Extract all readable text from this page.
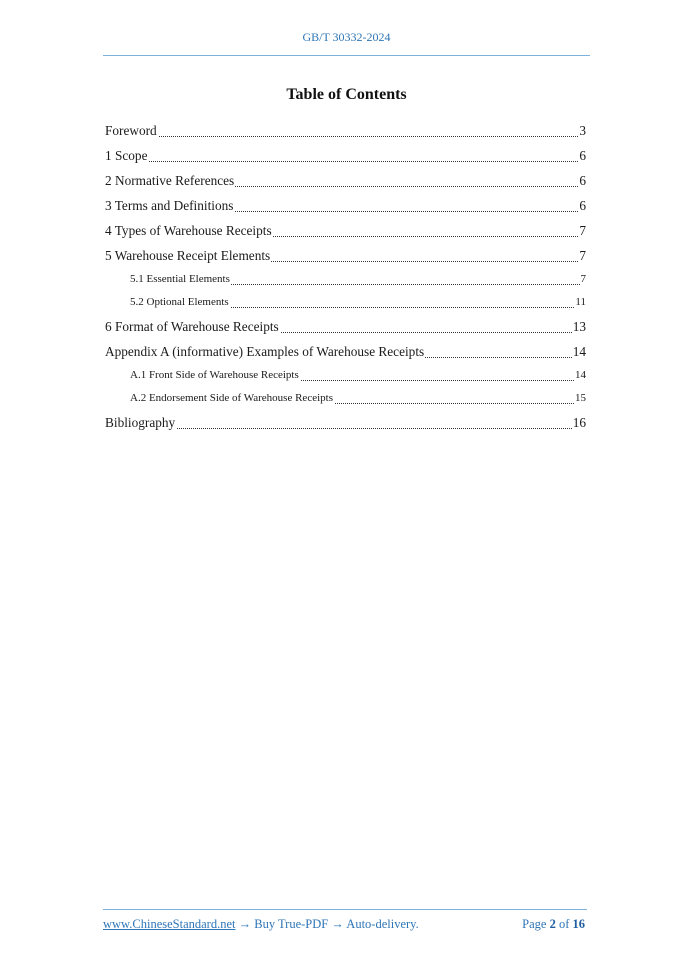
GB/T 30332-2024
Table of Contents
Foreword	3
1 Scope	6
2 Normative References	6
3 Terms and Definitions	6
4 Types of Warehouse Receipts	7
5 Warehouse Receipt Elements	7
5.1 Essential Elements	7
5.2 Optional Elements	11
6 Format of Warehouse Receipts	13
Appendix A (informative) Examples of Warehouse Receipts	14
A.1 Front Side of Warehouse Receipts	14
A.2 Endorsement Side of Warehouse Receipts	15
Bibliography	16
www.ChineseStandard.net → Buy True-PDF → Auto-delivery.	Page 2 of 16
